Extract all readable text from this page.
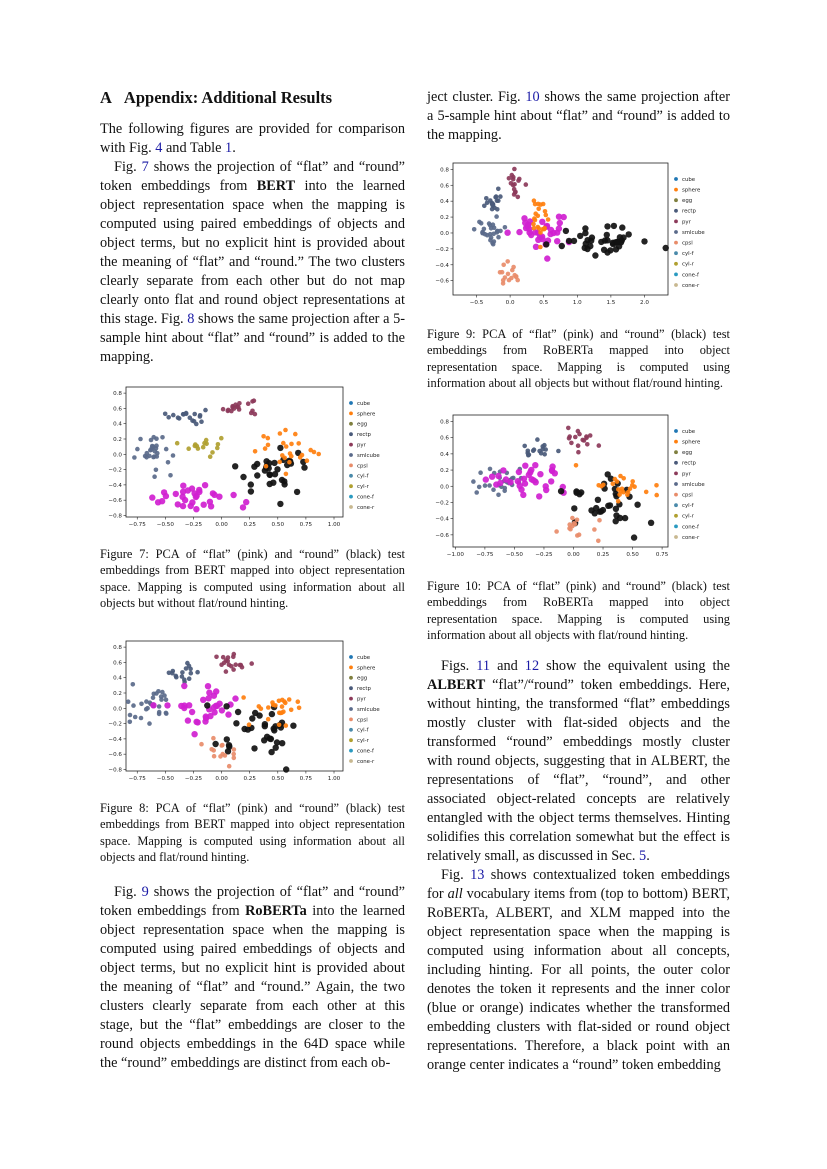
A Appendix: Additional Results

The following figures are provided for comparison with Fig. 4 and Table 1.

Fig. 7 shows the projection of “flat” and “round” token embeddings from BERT into the learned object representation space when the mapping is computed using paired embeddings of objects and object terms, but no explicit hint is provided about the meaning of “flat” and “round.” The two clusters clearly separate from each other but do not map clearly onto flat and round object representations at this stage. Fig. 8 shows the same projection after a 5-sample hint about “flat” and “round” is added to the mapping.

−0.75 −0.50 −0.25 0.00	0.25	0.50	0.75	1.00
0.8
0.6
0.4
0.2
0.0
−0.2
−0.4
−0.6
−0.8
cube
sphere
egg
rectp
pyr
smlcube
cpsl
cyl-f
cyl-r
cone-f
cone-r

Figure 7: PCA of “flat” (pink) and “round” (black) test embeddings from BERT mapped into object representation space. Mapping is computed using information about all objects but without flat/round hinting.

−0.75 −0.50 −0.25 0.00	0.25	0.50	0.75	1.00
0.8
0.6
0.4
0.2
0.0
−0.2
−0.4
−0.6
−0.8
cube
sphere
egg
rectp
pyr
smlcube
cpsl
cyl-f
cyl-r
cone-f
cone-r

Figure 8: PCA of “flat” (pink) and “round” (black) test embeddings from BERT mapped into object representation space. Mapping is computed using information about all objects and flat/round hinting.

Fig. 9 shows the projection of “flat” and “round” token embeddings from RoBERTa into the learned object representation space when the mapping is computed using paired embeddings of objects and object terms, but no explicit hint is provided about the meaning of “flat” and “round.” Again, the two clusters clearly separate from each other at this stage, but the “flat” embeddings are closer to the round objects embeddings in the 64D space while the “round” embeddings are distinct from each ob-

ject cluster. Fig. 10 shows the same projection after a 5-sample hint about “flat” and “round” is added to the mapping.

−0.5	0.0	0.5	1.0	1.5	2.0
0.8
0.6
0.4
0.2
0.0
−0.2
−0.4
−0.6
cube
sphere
egg
rectp
pyr
smlcube
cpsl
cyl-f
cyl-r
cone-f
cone-r

Figure 9: PCA of “flat” (pink) and “round” (black) test embeddings from RoBERTa mapped into object representation space. Mapping is computed using information about all objects but without flat/round hinting.

−1.00 −0.75 −0.50 −0.25	0.00	0.25	0.50	0.75
0.8
0.6
0.4
0.2
0.0
−0.2
−0.4
−0.6
cube
sphere
egg
rectp
pyr
smlcube
cpsl
cyl-f
cyl-r
cone-f
cone-r

Figure 10: PCA of “flat” (pink) and “round” (black) test embeddings from RoBERTa mapped into object representation space. Mapping is computed using information about all objects with flat/round hinting.

Figs. 11 and 12 show the equivalent using the ALBERT “flat”/“round” token embeddings. Here, without hinting, the transformed “flat” embeddings mostly cluster with flat-sided objects and the transformed “round” embeddings mostly cluster with round objects, suggesting that in ALBERT, the representations of “flat”, “round”, and other associated object-related concepts are relatively entangled with the object terms themselves. Hinting solidifies this correlation somewhat but the effect is relatively small, as discussed in Sec. 5.

Fig. 13 shows contextualized token embeddings for all vocabulary items from (top to bottom) BERT, RoBERTa, ALBERT, and XLM mapped into the object representation space when the mapping is computed using information about all concepts, including hinting. For all points, the outer color denotes the token it represents and the inner color (blue or orange) indicates whether the transformed embedding clusters with flat-sided or round object representations. Therefore, a black point with an orange center indicates a “round” token embedding
